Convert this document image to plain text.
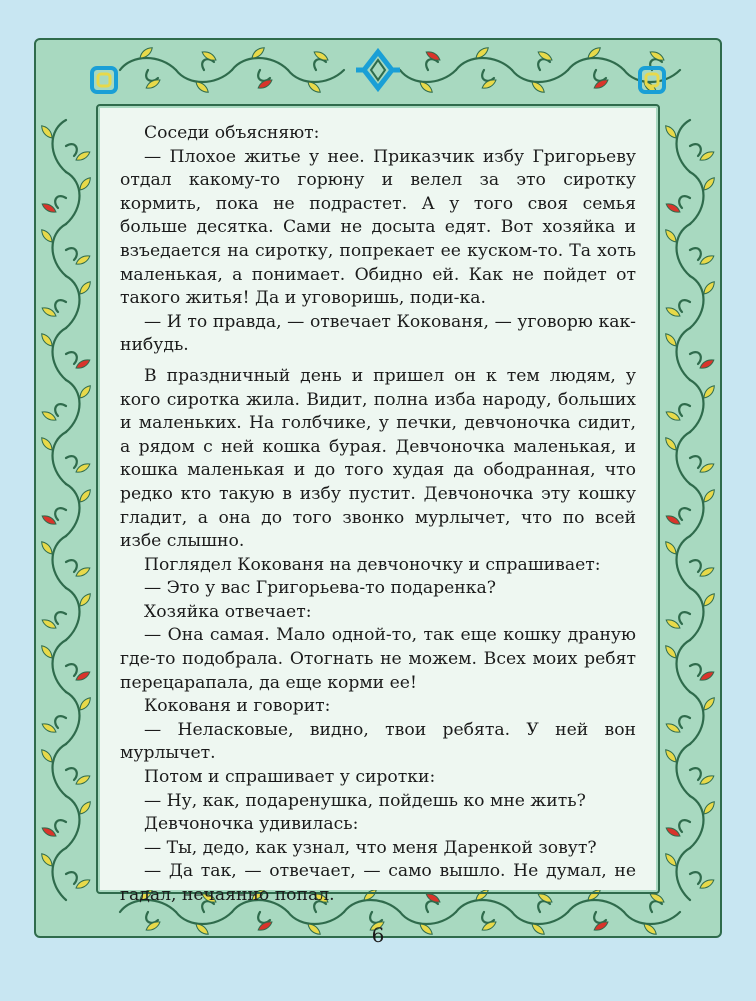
Соседи объясняют:

— Плохое житье у нее. Приказчик избу Григорьеву отдал какому-то горюну и велел за это сиротку кормить, пока не подрастет. А у того своя семья больше десятка. Сами не досыта едят. Вот хозяйка и взъедается на сиротку, попрекает ее куском-то. Та хоть маленькая, а понимает. Обидно ей. Как не пойдет от такого житья! Да и уговоришь, поди-ка.

— И то правда, — отвечает Кокованя, — уговорю как-нибудь.

В праздничный день и пришел он к тем людям, у кого сиротка жила. Видит, полна изба народу, больших и маленьких. На голбчике, у печки, девчоночка сидит, а рядом с ней кошка бурая. Девчоночка маленькая, и кошка маленькая и до того худая да ободранная, что редко кто такую в избу пустит. Девчоночка эту кошку гладит, а она до того звонко мурлычет, что по всей избе слышно.

Поглядел Кокованя на девчоночку и спрашивает:

— Это у вас Григорьева-то подаренка?

Хозяйка отвечает:

— Она самая. Мало одной-то, так еще кошку драную где-то подобрала. Отогнать не можем. Всех моих ребят перецарапала, да еще корми ее!

Кокованя и говорит:

— Неласковые, видно, твои ребята. У ней вон мурлычет.

Потом и спрашивает у сиротки:

— Ну, как, подаренушка, пойдешь ко мне жить?

Девчоночка удивилась:

— Ты, дедо, как узнал, что меня Даренкой зовут?

— Да так, — отвечает, — само вышло. Не думал, не гадал, нечаянно попал.

6
